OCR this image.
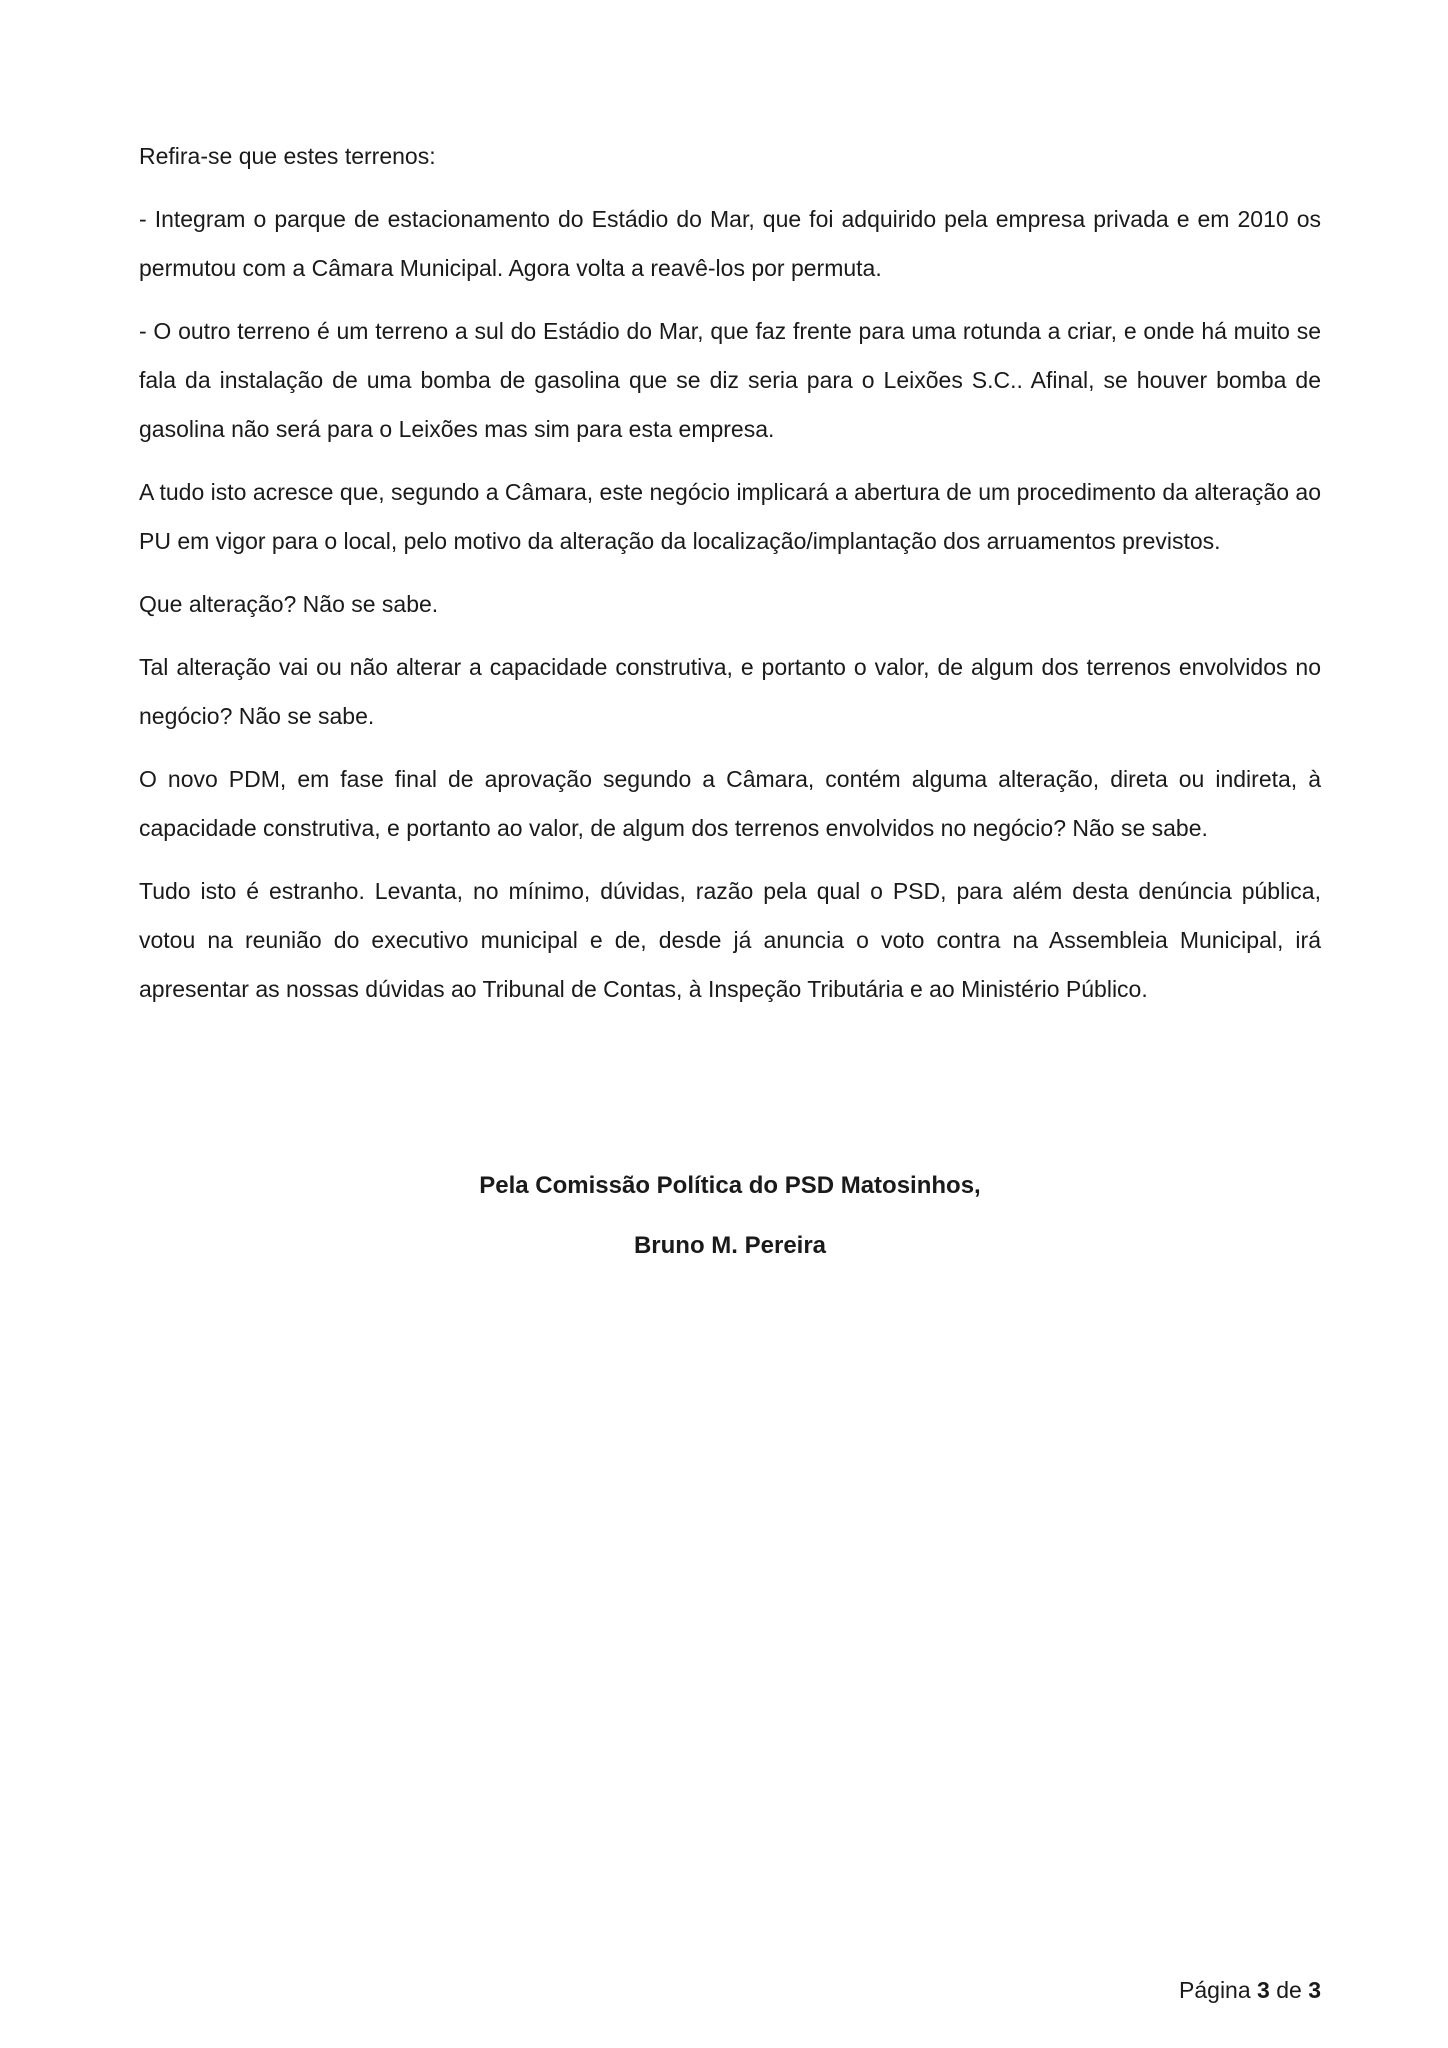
Refira-se que estes terrenos:

- Integram o parque de estacionamento do Estádio do Mar, que foi adquirido pela empresa privada e em 2010 os permutou com a Câmara Municipal. Agora volta a reavê-los por permuta.

- O outro terreno é um terreno a sul do Estádio do Mar, que faz frente para uma rotunda a criar, e onde há muito se fala da instalação de uma bomba de gasolina que se diz seria para o Leixões S.C.. Afinal, se houver bomba de gasolina não será para o Leixões mas sim para esta empresa.

A tudo isto acresce que, segundo a Câmara, este negócio implicará a abertura de um procedimento da alteração ao PU em vigor para o local, pelo motivo da alteração da localização/implantação dos arruamentos previstos.

Que alteração? Não se sabe.

Tal alteração vai ou não alterar a capacidade construtiva, e portanto o valor, de algum dos terrenos envolvidos no negócio? Não se sabe.

O novo PDM, em fase final de aprovação segundo a Câmara, contém alguma alteração, direta ou indireta, à capacidade construtiva, e portanto ao valor, de algum dos terrenos envolvidos no negócio? Não se sabe.

Tudo isto é estranho. Levanta, no mínimo, dúvidas, razão pela qual o PSD, para além desta denúncia pública, votou na reunião do executivo municipal e de, desde já anuncia o voto contra na Assembleia Municipal, irá apresentar as nossas dúvidas ao Tribunal de Contas, à Inspeção Tributária e ao Ministério Público.

Pela Comissão Política do PSD Matosinhos,
Bruno M. Pereira
Página 3 de 3
